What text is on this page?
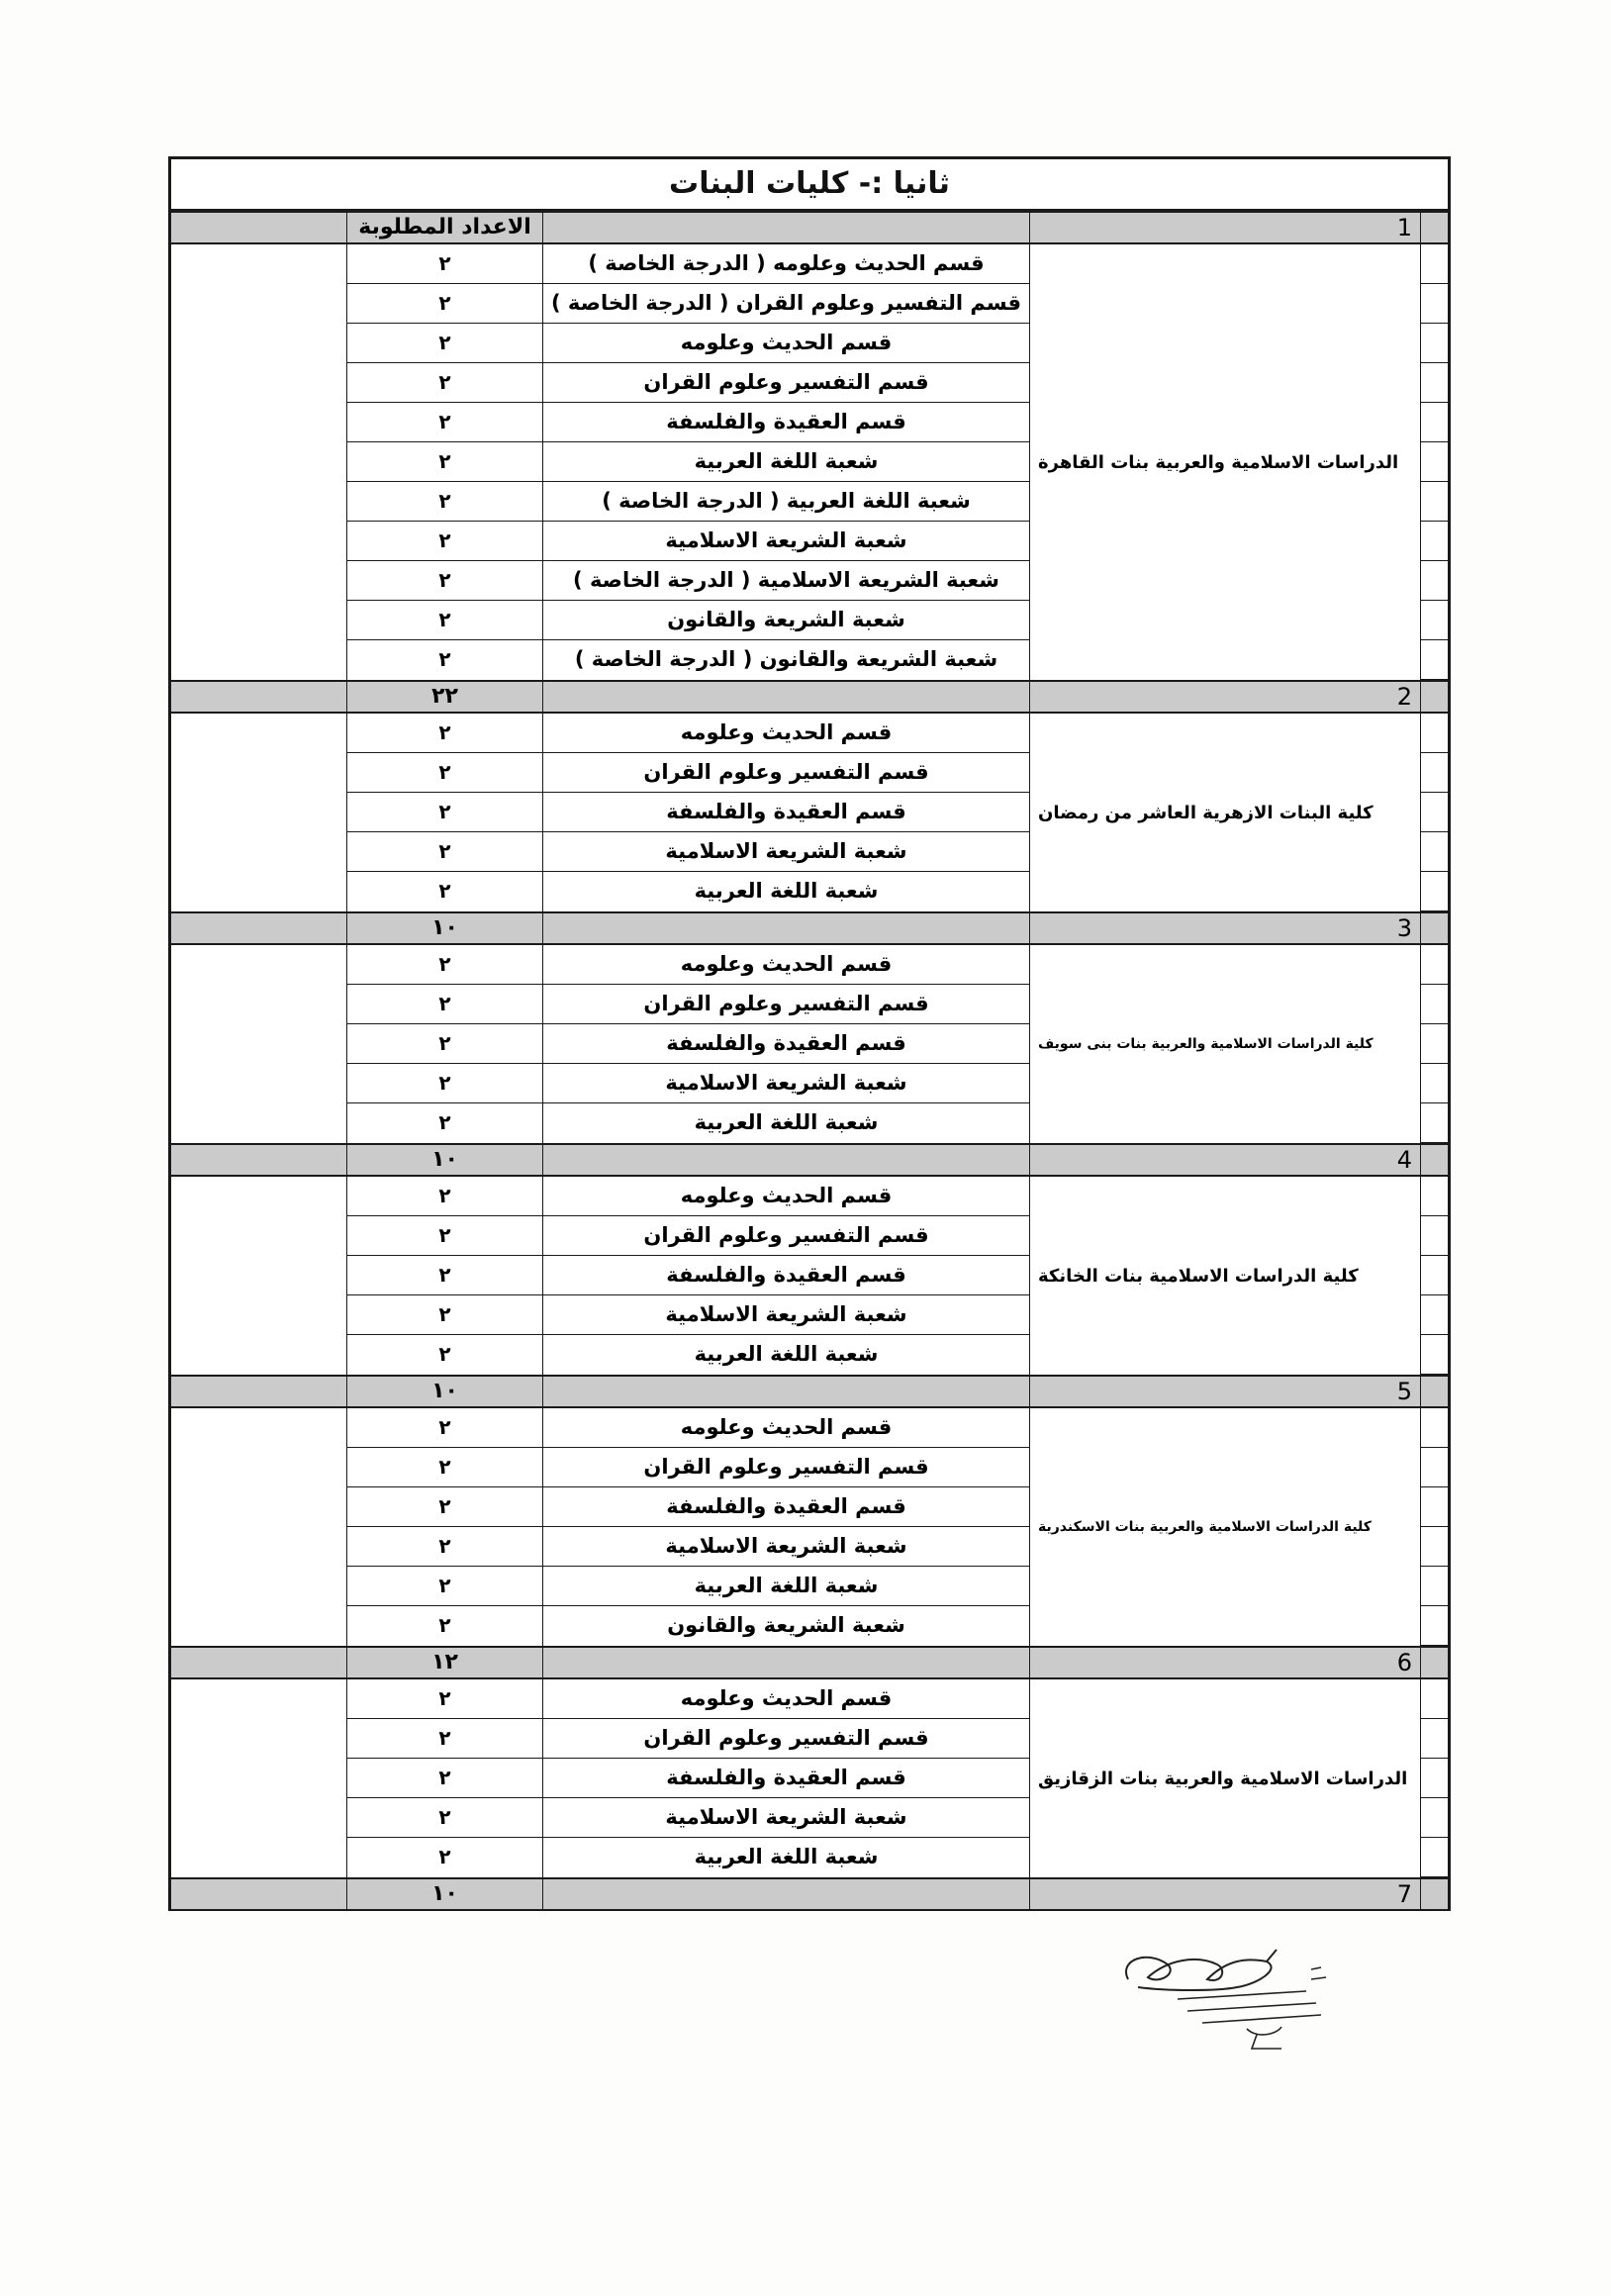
ثانيا :- كليات البنات
1
الاعداد المطلوبة
الدراسات الاسلامية والعربية بنات القاهرة
قسم الحديث وعلومه ( الدرجة الخاصة )
٢
قسم التفسير وعلوم القران ( الدرجة الخاصة )
٢
قسم الحديث وعلومه
٢
قسم التفسير وعلوم القران
٢
قسم العقيدة والفلسفة
٢
شعبة اللغة العربية
٢
شعبة اللغة العربية ( الدرجة الخاصة )
٢
شعبة الشريعة الاسلامية
٢
شعبة الشريعة الاسلامية ( الدرجة الخاصة )
٢
شعبة الشريعة والقانون
٢
شعبة الشريعة والقانون ( الدرجة الخاصة )
٢
2
٢٢
كلية البنات الازهرية العاشر من رمضان
قسم الحديث وعلومه
٢
قسم التفسير وعلوم القران
٢
قسم العقيدة والفلسفة
٢
شعبة الشريعة الاسلامية
٢
شعبة اللغة العربية
٢
3
١٠
كلية الدراسات الاسلامية والعربية بنات بنى سويف
قسم الحديث وعلومه
٢
قسم التفسير وعلوم القران
٢
قسم العقيدة والفلسفة
٢
شعبة الشريعة الاسلامية
٢
شعبة اللغة العربية
٢
4
١٠
كلية الدراسات الاسلامية بنات الخانكة
قسم الحديث وعلومه
٢
قسم التفسير وعلوم القران
٢
قسم العقيدة والفلسفة
٢
شعبة الشريعة الاسلامية
٢
شعبة اللغة العربية
٢
5
١٠
كلية الدراسات الاسلامية والعربية بنات الاسكندرية
قسم الحديث وعلومه
٢
قسم التفسير وعلوم القران
٢
قسم العقيدة والفلسفة
٢
شعبة الشريعة الاسلامية
٢
شعبة اللغة العربية
٢
شعبة الشريعة والقانون
٢
6
١٢
الدراسات الاسلامية والعربية بنات الزقازيق
قسم الحديث وعلومه
٢
قسم التفسير وعلوم القران
٢
قسم العقيدة والفلسفة
٢
شعبة الشريعة الاسلامية
٢
شعبة اللغة العربية
٢
7
١٠
